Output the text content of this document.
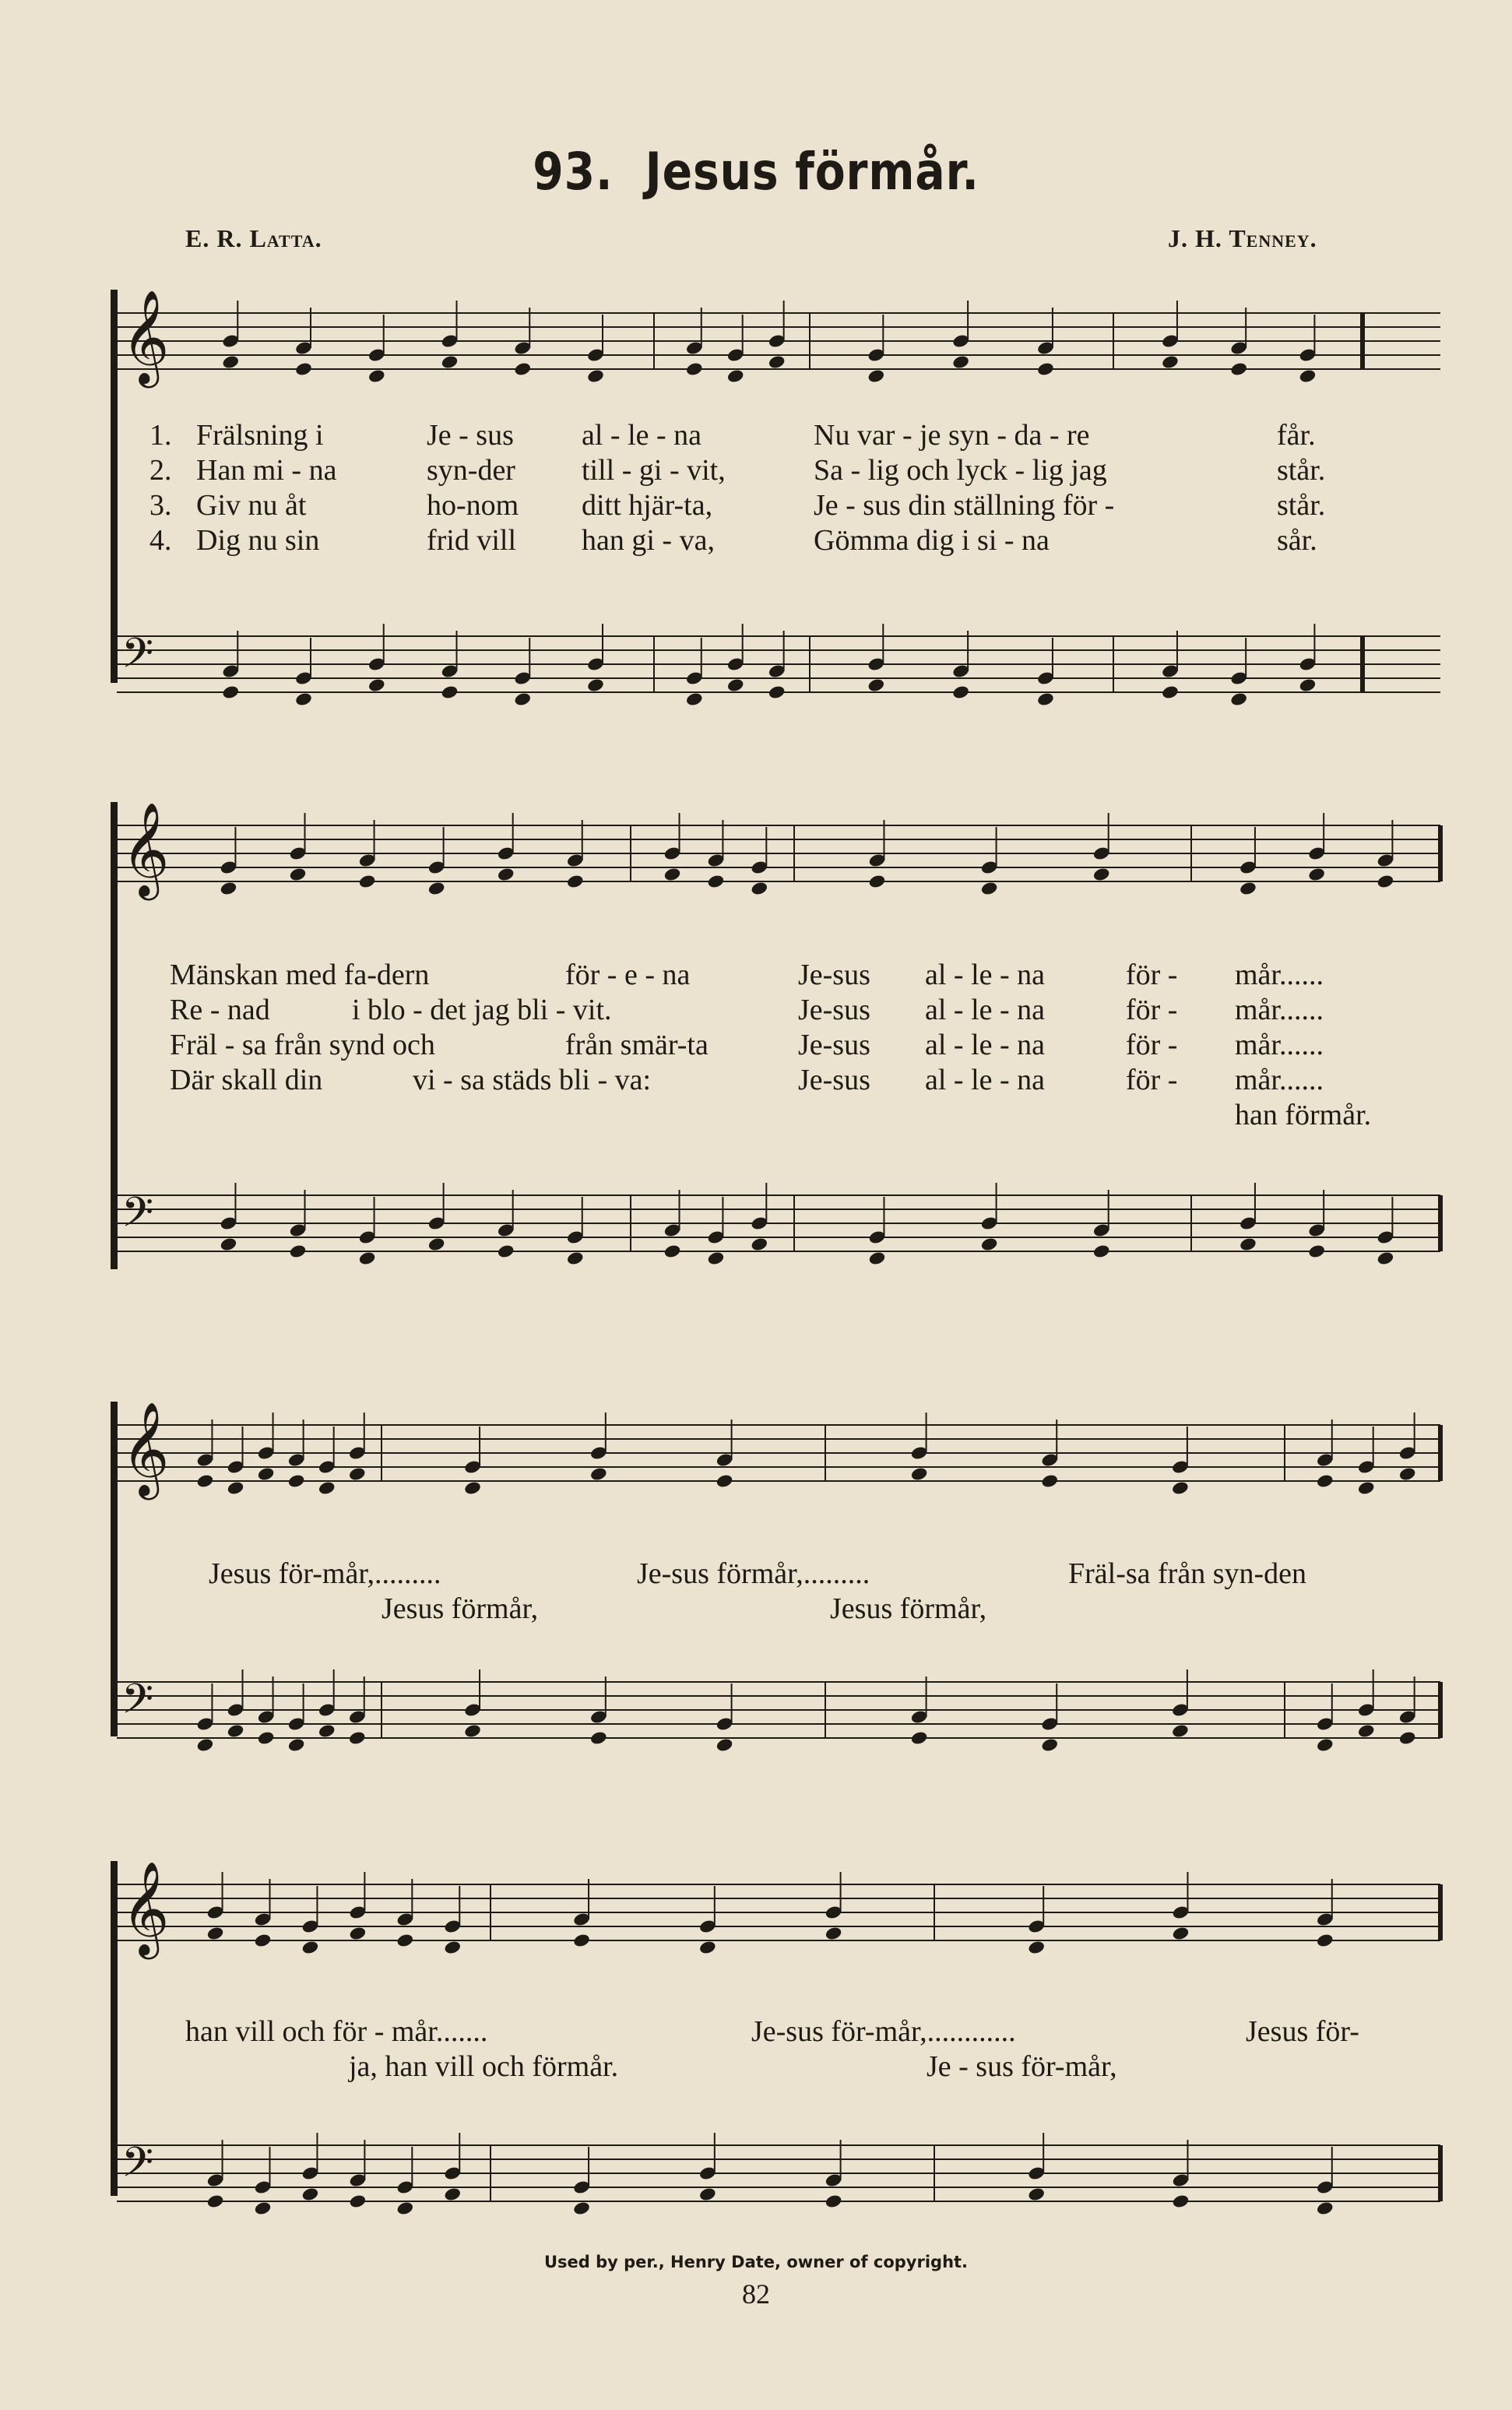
93. Jesus förmår.
E. R. Latta.	J. H. Tenney.
𝄞
𝄢
1. Frälsning i	Je - sus al - le - na	Nu var - je syn - da - re	får.
2. Han mi - na	syn-der till - gi - vit,	Sa - lig och lyck - lig jag	står.
3. Giv nu åt	ho-nom ditt hjär-ta,	Je - sus din ställning för -	står.
4. Dig nu sin	frid vill han gi - va,	Gömma dig i si - na	sår.
𝄞
𝄢
Mänskan med fa-dern	för - e - na	Je-sus al - le - na	för - mår......
Re - nad	i blo - det jag bli - vit.	Je-sus al - le - na	för - mår......
Fräl - sa från synd och	från smär-ta	Je-sus al - le - na	för - mår......
Där skall din	vi - sa städs bli - va:	Je-sus al - le - na	för - mår......
han förmår.
𝄞
𝄢
Jesus för-mår,.........	Je-sus förmår,.........	Fräl-sa från syn-den
Jesus förmår,	Jesus förmår,
𝄞
𝄢
han vill och för - mår.......	Je-sus för-mår,............	Jesus för-
ja, han vill och förmår.	Je - sus för-mår,
Used by per., Henry Date, owner of copyright.
82
